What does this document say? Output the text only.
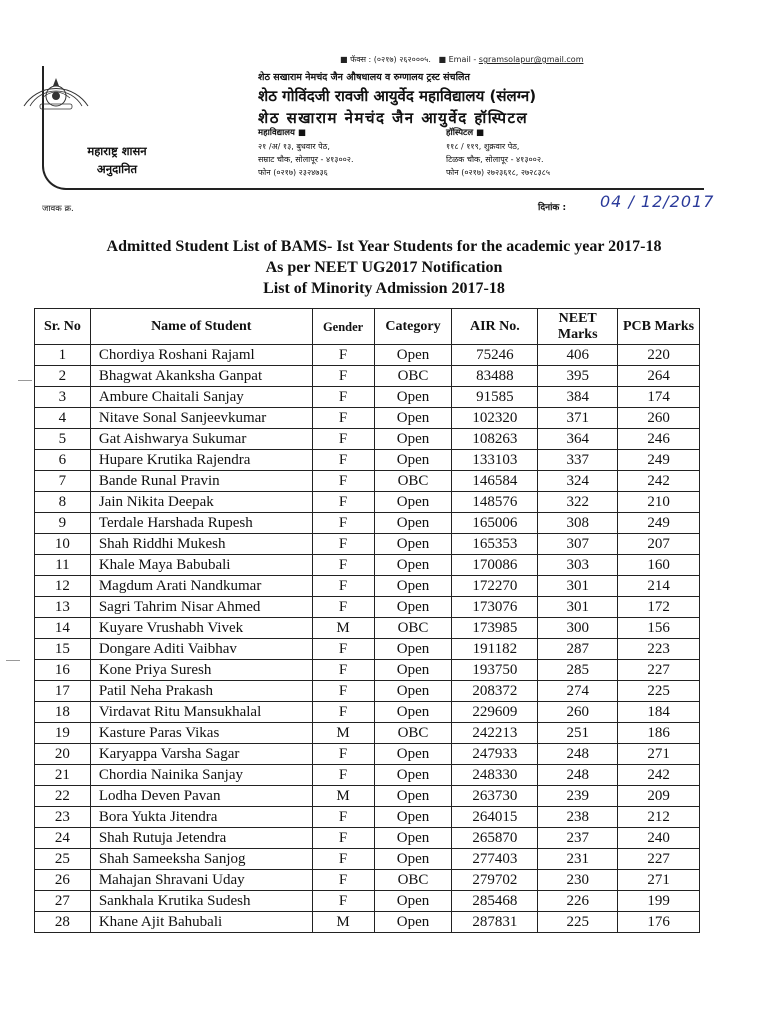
■ फॅक्स : (०२१७) २६२०००५. ■ Email - sgramsolapur@gmail.com
शेठ सखाराम नेमचंद जैन औषधालय व रुग्णालय ट्रस्ट संचलित
शेठ गोविंदजी रावजी आयुर्वेद महाविद्यालय (संलग्न)
शेठ सखाराम नेमचंद जैन आयुर्वेद हॉस्पिटल
महाविद्यालय ■
२१ /अ/ १३, बुधवार पेठ,
सम्राट चौक, सोलापूर - ४१३००२.
फोन (०२१७) २३२४७३६
हॉस्पिटल ■
११८ / ११९, शुक्रवार पेठ,
टिळक चौक, सोलापूर - ४१३००२.
फोन (०२१७) २७२३६१८, २७२८३८५
महाराष्ट्र शासन
अनुदानित
जावक क्र.	दिनांक : 04 / 12/2017
Admitted Student List of BAMS- Ist Year Students for the academic year 2017-18
As per NEET UG2017 Notification
List of Minority Admission 2017-18
Sr. No	Name of Student	Gender	Category	AIR No.	NEET Marks	PCB Marks
1	Chordiya Roshani Rajaml	F	Open	75246	406	220
2	Bhagwat Akanksha Ganpat	F	OBC	83488	395	264
3	Ambure Chaitali Sanjay	F	Open	91585	384	174
4	Nitave Sonal Sanjeevkumar	F	Open	102320	371	260
5	Gat Aishwarya Sukumar	F	Open	108263	364	246
6	Hupare Krutika Rajendra	F	Open	133103	337	249
7	Bande Runal Pravin	F	OBC	146584	324	242
8	Jain Nikita Deepak	F	Open	148576	322	210
9	Terdale Harshada Rupesh	F	Open	165006	308	249
10	Shah Riddhi Mukesh	F	Open	165353	307	207
11	Khale Maya Babubali	F	Open	170086	303	160
12	Magdum Arati Nandkumar	F	Open	172270	301	214
13	Sagri Tahrim Nisar Ahmed	F	Open	173076	301	172
14	Kuyare Vrushabh Vivek	M	OBC	173985	300	156
15	Dongare Aditi Vaibhav	F	Open	191182	287	223
16	Kone Priya Suresh	F	Open	193750	285	227
17	Patil Neha Prakash	F	Open	208372	274	225
18	Virdavat Ritu Mansukhalal	F	Open	229609	260	184
19	Kasture Paras Vikas	M	OBC	242213	251	186
20	Karyappa Varsha Sagar	F	Open	247933	248	271
21	Chordia Nainika Sanjay	F	Open	248330	248	242
22	Lodha Deven Pavan	M	Open	263730	239	209
23	Bora Yukta Jitendra	F	Open	264015	238	212
24	Shah Rutuja Jetendra	F	Open	265870	237	240
25	Shah Sameeksha Sanjog	F	Open	277403	231	227
26	Mahajan Shravani Uday	F	OBC	279702	230	271
27	Sankhala Krutika Sudesh	F	Open	285468	226	199
28	Khane Ajit Bahubali	M	Open	287831	225	176
